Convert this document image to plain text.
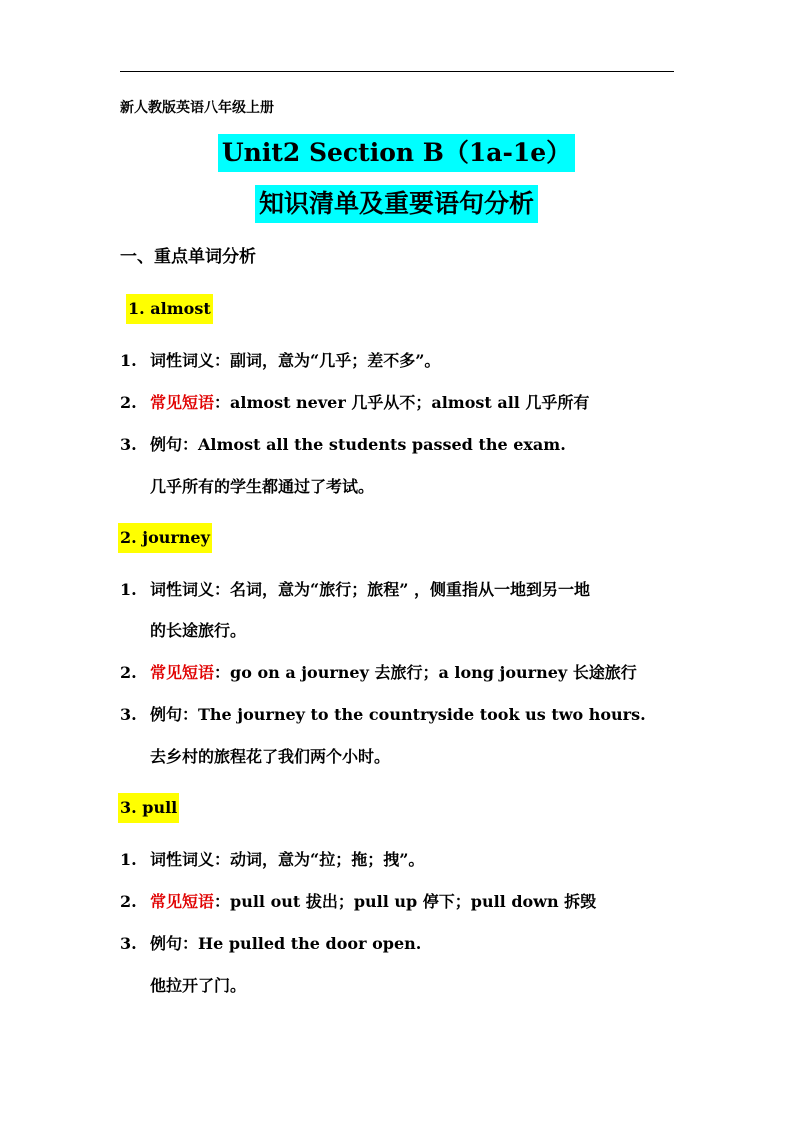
新人教版英语八年级上册
Unit2 Section B（1a-1e）
知识清单及重要语句分析
一、重点单词分析
1. almost
1. 词性词义：副词，意为“几乎；差不多”。
2. 常见短语：almost never 几乎从不；almost all 几乎所有
3. 例句：Almost all the students passed the exam.
几乎所有的学生都通过了考试。
2. journey
1. 词性词义：名词，意为“旅行；旅程” ，侧重指从一地到另一地
的长途旅行。
2. 常见短语：go on a journey 去旅行；a long journey 长途旅行
3. 例句：The journey to the countryside took us two hours.
去乡村的旅程花了我们两个小时。
3. pull
1. 词性词义：动词，意为“拉；拖；拽”。
2. 常见短语：pull out 拔出；pull up 停下；pull down 拆毁
3. 例句：He pulled the door open.
他拉开了门。
